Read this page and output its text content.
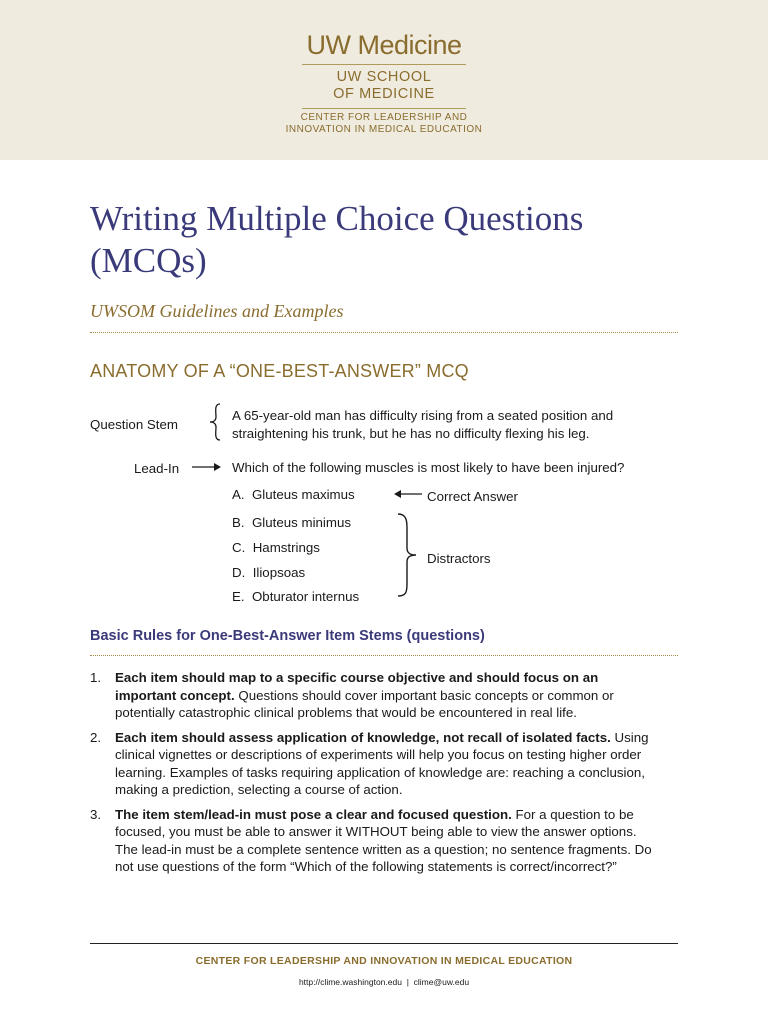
UW Medicine
UW SCHOOL
OF MEDICINE
CENTER FOR LEADERSHIP AND
INNOVATION IN MEDICAL EDUCATION
Writing Multiple Choice Questions
(MCQs)
UWSOM Guidelines and Examples
ANATOMY OF A “ONE-BEST-ANSWER” MCQ
Question Stem
A 65-year-old man has difficulty rising from a seated position and
straightening his trunk, but he has no difficulty flexing his leg.
Lead-In	Which of the following muscles is most likely to have been injured?
A. Gluteus maximus	Correct Answer
B. Gluteus minimus
C. Hamstrings
D. Iliopsoas
E. Obturator internus
Distractors
Basic Rules for One-Best-Answer Item Stems (questions)
1. Each item should map to a specific course objective and should focus on an important concept. Questions should cover important basic concepts or common or potentially catastrophic clinical problems that would be encountered in real life.
2. Each item should assess application of knowledge, not recall of isolated facts. Using clinical vignettes or descriptions of experiments will help you focus on testing higher order learning. Examples of tasks requiring application of knowledge are: reaching a conclusion, making a prediction, selecting a course of action.
3. The item stem/lead-in must pose a clear and focused question. For a question to be focused, you must be able to answer it WITHOUT being able to view the answer options. The lead-in must be a complete sentence written as a question; no sentence fragments. Do not use questions of the form “Which of the following statements is correct/incorrect?”
CENTER FOR LEADERSHIP AND INNOVATION IN MEDICAL EDUCATION
http://clime.washington.edu | clime@uw.edu
